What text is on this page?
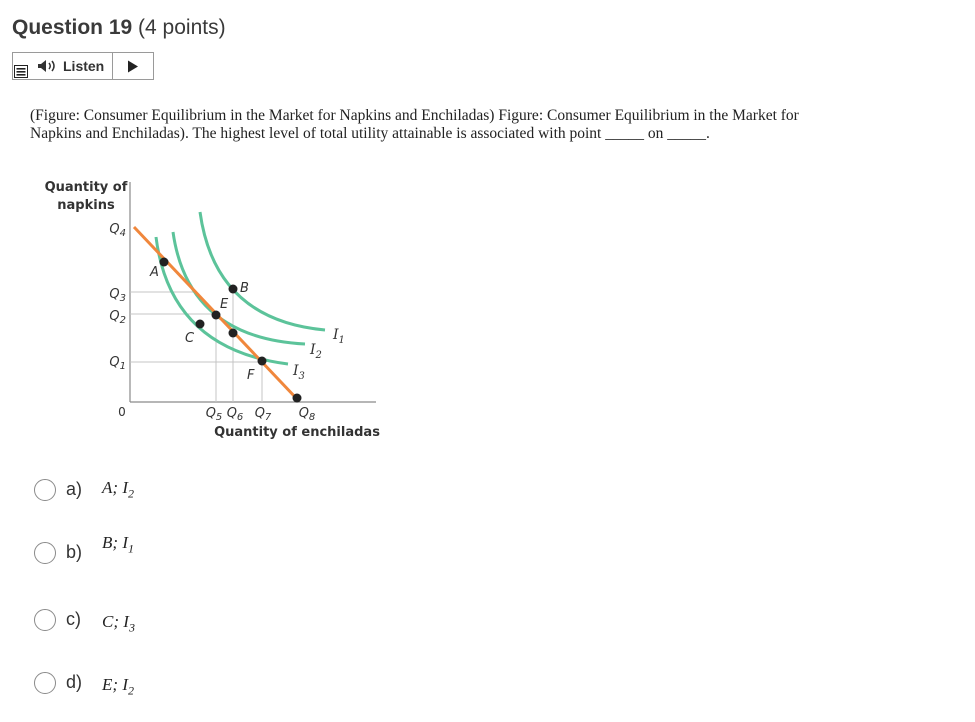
Question 19 (4 points)
Listen
(Figure: Consumer Equilibrium in the Market for Napkins and Enchiladas) Figure: Consumer Equilibrium in the Market for Napkins and Enchiladas). The highest level of total utility attainable is associated with point _____ on _____.
Quantity of
napkins
A
B
C
E
F
$I_1$
$I_2$
$I_3$
$Q_4$
$Q_3$
$Q_2$
$Q_1$
0	$Q_5$ $Q_6$ $Q_7$ $Q_8$
Quantity of enchiladas
a)	A; $I_2$
b)	B; $I_1$
c)	C; $I_3$
d)	E; $I_2$
